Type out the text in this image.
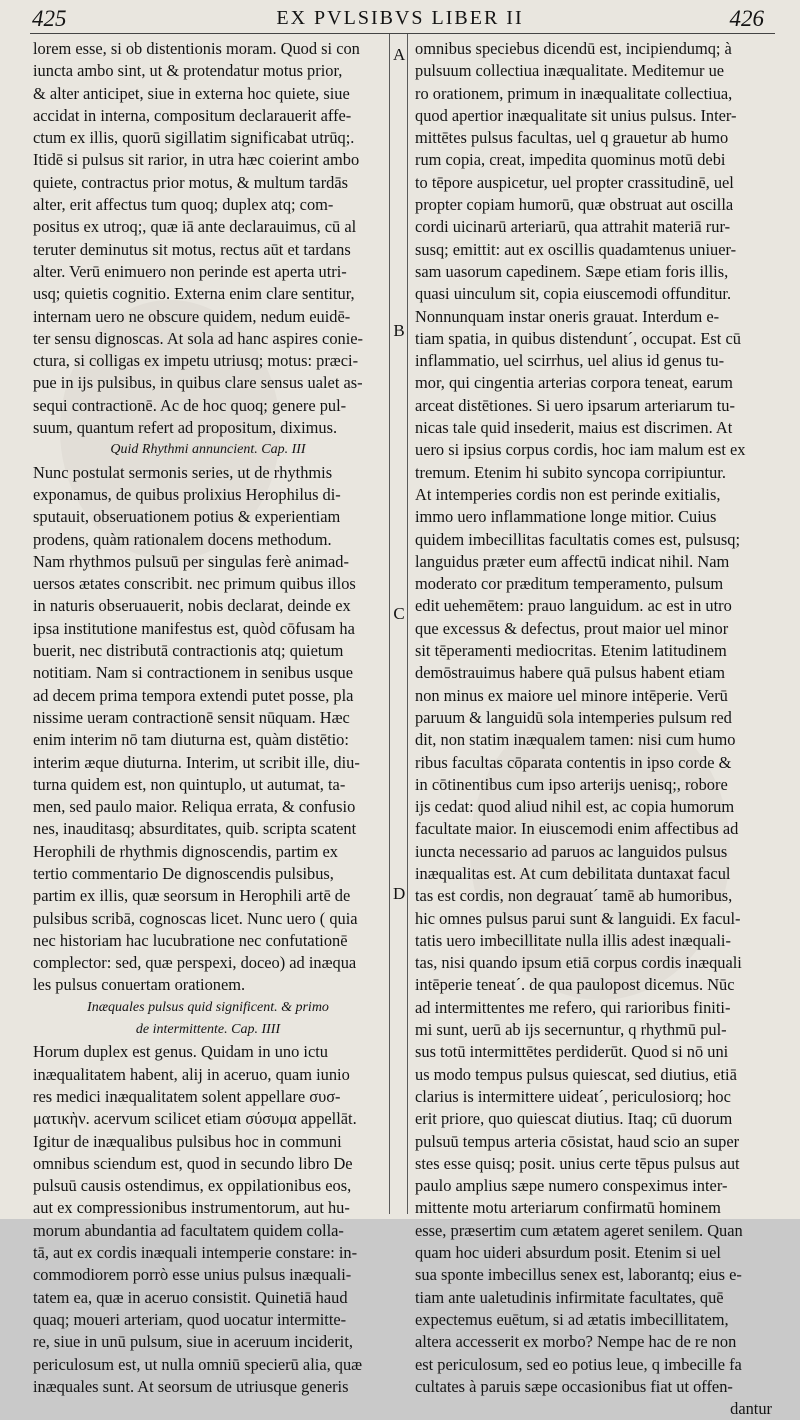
425	EX PVLSIBVS LIBER II	426
A
B
C
D
lorem esse, si ob distentionis moram. Quod si con
iuncta ambo sint, ut & protendatur motus prior,
& alter anticipet, siue in externa hoc quiete, siue
accidat in interna, compositum declarauerit affe-
ctum ex illis, quorū sigillatim significabat utrūq;.
Itidē si pulsus sit rarior, in utra hæc coierint ambo
quiete, contractus prior motus, & multum tardās
alter, erit affectus tum quoq; duplex atq; com-
positus ex utroq;, quæ iā ante declarauimus, cū al
teruter deminutus sit motus, rectus aūt et tardans
alter. Verū enimuero non perinde est aperta utri-
usq; quietis cognitio. Externa enim clare sentitur,
internam uero ne obscure quidem, nedum euidē-
ter sensu dignoscas. At sola ad hanc aspires conie-
ctura, si colligas ex impetu utriusq; motus: præci-
pue in ijs pulsibus, in quibus clare sensus ualet as-
sequi contractionē. Ac de hoc quoq; genere pul-
suum, quantum refert ad propositum, diximus.
Quid Rhythmi annuncient. Cap. III
Nunc postulat sermonis series, ut de rhythmis
exponamus, de quibus prolixius Herophilus di-
sputauit, obseruationem potius & experientiam
prodens, quàm rationalem docens methodum.
Nam rhythmos pulsuū per singulas ferè animad-
uersos ætates conscribit. nec primum quibus illos
in naturis obseruauerit, nobis declarat, deinde ex
ipsa institutione manifestus est, quòd cōfusam ha
buerit, nec distributā contractionis atq; quietum
notitiam. Nam si contractionem in senibus usque
ad decem prima tempora extendi putet posse, pla
nissime ueram contractionē sensit nūquam. Hæc
enim interim nō tam diuturna est, quàm distētio:
interim æque diuturna. Interim, ut scribit ille, diu-
turna quidem est, non quintuplo, ut autumat, ta-
men, sed paulo maior. Reliqua errata, & confusio
nes, inauditasq; absurditates, quib. scripta scatent
Herophili de rhythmis dignoscendis, partim ex
tertio commentario De dignoscendis pulsibus,
partim ex illis, quæ seorsum in Herophili artē de
pulsibus scribā, cognoscas licet. Nunc uero ( quia
nec historiam hac lucubratione nec confutationē
complector: sed, quæ perspexi, doceo) ad inæqua
les pulsus conuertam orationem.
Inæquales pulsus quid significent. & primo
de intermittente. Cap. IIII
Horum duplex est genus. Quidam in uno ictu
inæqualitatem habent, alij in aceruo, quam iunio
res medici inæqualitatem solent appellare συσ-
ματικὴν. acervum scilicet etiam σύσυμα appellāt.
Igitur de inæqualibus pulsibus hoc in communi
omnibus sciendum est, quod in secundo libro De
pulsuū causis ostendimus, ex oppilationibus eos,
aut ex compressionibus instrumentorum, aut hu-
morum abundantia ad facultatem quidem colla-
tā, aut ex cordis inæquali intemperie constare: in-
commodiorem porrò esse unius pulsus inæquali-
tatem ea, quæ in aceruo consistit. Quinetiā haud
quaq; moueri arteriam, quod uocatur intermitte-
re, siue in unū pulsum, siue in aceruum inciderit,
periculosum est, ut nulla omniū specierū alia, quæ
inæquales sunt. At seorsum de utriusque generis
omnibus speciebus dicendū est, incipiendumq; à
pulsuum collectiua inæqualitate. Meditemur ue
ro orationem, primum in inæqualitate collectiua,
quod apertior inæqualitate sit unius pulsus. Inter-
mittētes pulsus facultas, uel q grauetur ab humo
rum copia, creat, impedita quominus motū debi
to tēpore auspicetur, uel propter crassitudinē, uel
propter copiam humorū, quæ obstruat aut oscilla
cordi uicinarū arteriarū, qua attrahit materiā rur-
susq; emittit: aut ex oscillis quadamtenus uniuer-
sam uasorum capedinem. Sæpe etiam foris illis,
quasi uinculum sit, copia eiuscemodi offunditur.
Nonnunquam instar oneris grauat. Interdum e-
tiam spatia, in quibus distenduntˊ, occupat. Est cū
inflammatio, uel scirrhus, uel alius id genus tu-
mor, qui cingentia arterias corpora teneat, earum
arceat distētiones. Si uero ipsarum arteriarum tu-
nicas tale quid insederit, maius est discrimen. At
uero si ipsius corpus cordis, hoc iam malum est ex
tremum. Etenim hi subito syncopa corripiuntur.
At intemperies cordis non est perinde exitialis,
immo uero inflammatione longe mitior. Cuius
quidem imbecillitas facultatis comes est, pulsusq;
languidus præter eum affectū indicat nihil. Nam
moderato cor præditum temperamento, pulsum
edit uehemētem: prauo languidum. ac est in utro
que excessus & defectus, prout maior uel minor
sit tēperamenti mediocritas. Etenim latitudinem
demōstrauimus habere quā pulsus habent etiam
non minus ex maiore uel minore intēperie. Verū
paruum & languidū sola intemperies pulsum red
dit, non statim inæqualem tamen: nisi cum humo
ribus facultas cōparata contentis in ipso corde &
in cōtinentibus cum ipso arterijs uenisq;, robore
ijs cedat: quod aliud nihil est, ac copia humorum
facultate maior. In eiuscemodi enim affectibus ad
iuncta necessario ad paruos ac languidos pulsus
inæqualitas est. At cum debilitata duntaxat facul
tas est cordis, non degrauatˊ tamē ab humoribus,
hic omnes pulsus parui sunt & languidi. Ex facul-
tatis uero imbecillitate nulla illis adest inæquali-
tas, nisi quando ipsum etiā corpus cordis inæquali
intēperie teneatˊ. de qua paulopost dicemus. Nūc
ad intermittentes me refero, qui rarioribus finiti-
mi sunt, uerū ab ijs secernuntur, q rhythmū pul-
sus totū intermittētes perdiderūt. Quod si nō uni
us modo tempus pulsus quiescat, sed diutius, etiā
clarius is intermittere uideatˊ, periculosiorq; hoc
erit priore, quo quiescat diutius. Itaq; cū duorum
pulsuū tempus arteria cōsistat, haud scio an super
stes esse quisq; posit. unius certe tēpus pulsus aut
paulo amplius sæpe numero conspeximus inter-
mittente motu arteriarum confirmatū hominem
esse, præsertim cum ætatem ageret senilem. Quan
quam hoc uideri absurdum posit. Etenim si uel
sua sponte imbecillus senex est, laborantq; eius e-
tiam ante ualetudinis infirmitate facultates, quē
expectemus euētum, si ad ætatis imbecillitatem,
altera accesserit ex morbo? Nempe hac de re non
est periculosum, sed eo potius leue, q imbecille fa
cultates à paruis sæpe occasionibus fiat ut offen-
dantur
